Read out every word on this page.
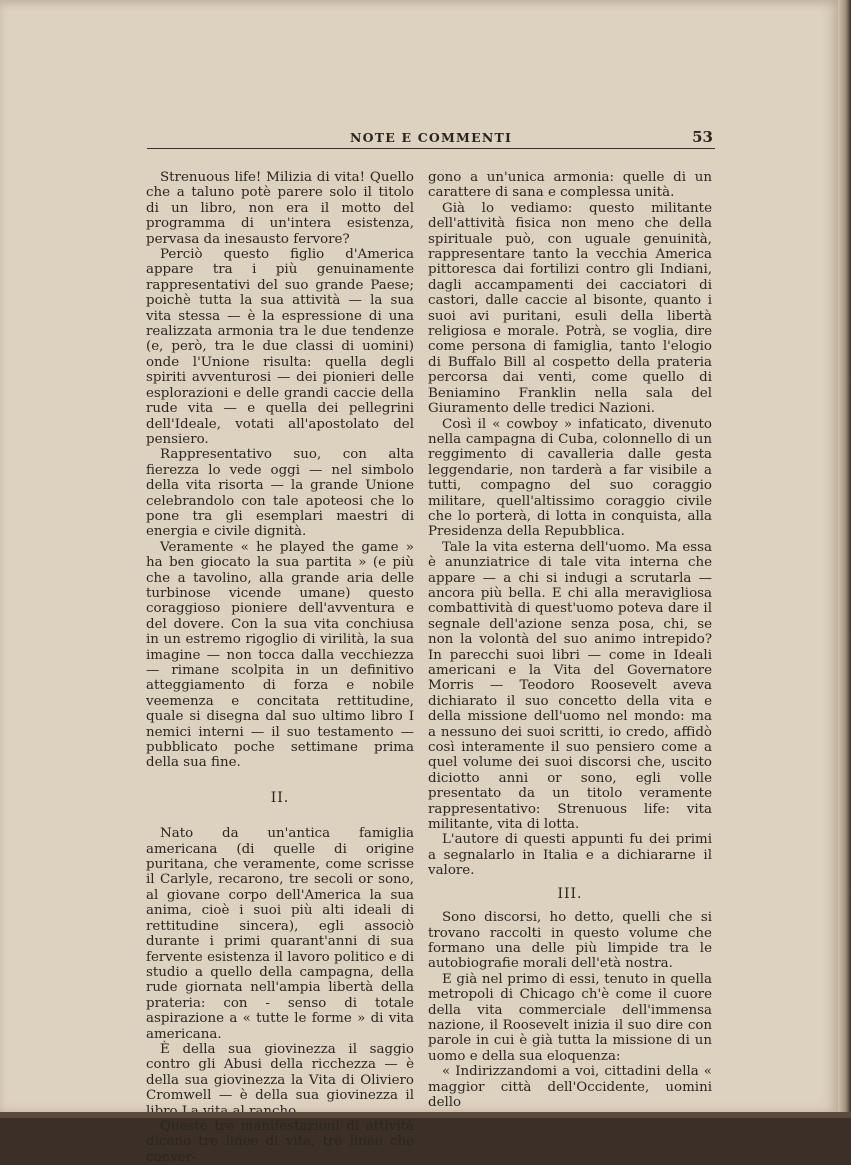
NOTE E COMMENTI	53

Strenuous life! Milizia di vita! Quello che a taluno potè parere solo il titolo di un libro, non era il motto del programma di un'intera esistenza, pervasa da inesausto fervore?

Perciò questo figlio d'America appare tra i più genuinamente rappresentativi del suo grande Paese; poichè tutta la sua attività — la sua vita stessa — è la espressione di una realizzata armonia tra le due tendenze (e, però, tra le due classi di uomini) onde l'Unione risulta: quella degli spiriti avventurosi — dei pionieri delle esplorazioni e delle grandi caccie della rude vita — e quella dei pellegrini dell'Ideale, votati all'apostolato del pensiero.

Rappresentativo suo, con alta fierezza lo vede oggi — nel simbolo della vita risorta — la grande Unione celebrandolo con tale apoteosi che lo pone tra gli esemplari maestri di energia e civile dignità.

Veramente « he played the game » ha ben giocato la sua partita » (e più che a tavolino, alla grande aria delle turbinose vicende umane) questo coraggioso pioniere dell'avventura e del dovere. Con la sua vita conchiusa in un estremo rigoglio di virilità, la sua imagine — non tocca dalla vecchiezza — rimane scolpita in un definitivo atteggiamento di forza e nobile veemenza e concitata rettitudine, quale si disegna dal suo ultimo libro I nemici interni — il suo testamento — pubblicato poche settimane prima della sua fine.

II.

Nato da un'antica famiglia americana (di quelle di origine puritana, che veramente, come scrisse il Carlyle, recarono, tre secoli or sono, al giovane corpo dell'America la sua anima, cioè i suoi più alti ideali di rettitudine sincera), egli associò durante i primi quarant'anni di sua fervente esistenza il lavoro politico e di studio a quello della campagna, della rude giornata nell'ampia libertà della prateria: con - senso di totale aspirazione a « tutte le forme » di vita americana.

È della sua giovinezza il saggio contro gli Abusi della ricchezza — è della sua giovinezza la Vita di Oliviero Cromwell — è della sua giovinezza il

Queste tre manifestazioni di attività dicono tre linee di vita, tre linee che conver-

gono a un'unica armonia: quelle di un carattere di sana e complessa unità.

Già lo vediamo: questo militante dell'attività fisica non meno che della spirituale può, con uguale genuinità, rappresentare tanto la vecchia America pittoresca dai fortilizi contro gli Indiani, dagli accampamenti dei cacciatori di castori, dalle caccie al bisonte, quanto i suoi avi puritani, esuli della libertà religiosa e morale. Potrà, se voglia, dire come persona di famiglia, tanto l'elogio di Buffalo Bill al cospetto della prateria percorsa dai venti, come quello di Beniamino Franklin nella sala del Giuramento delle tredici Nazioni.

Così il « cowboy » infaticato, divenuto nella campagna di Cuba, colonnello di un reggimento di cavalleria dalle gesta leggendarie, non tarderà a far visibile a tutti, compagno del suo coraggio militare, quell'altissimo coraggio civile che lo porterà, di lotta in conquista, alla Presidenza della Repubblica.

Tale la vita esterna dell'uomo. Ma essa è anunziatrice di tale vita interna che appare — a chi si indugi a scrutarla — ancora più bella. E chi alla meravigliosa combattività di quest'uomo poteva dare il segnale dell'azione senza posa, chi, se non la volontà del suo animo intrepido? In parecchi suoi libri — come in Ideali americani e la Vita del Governatore Morris — Teodoro Roosevelt aveva dichiarato il suo concetto della vita e della missione dell'uomo nel mondo: ma a nessuno dei suoi scritti, io credo, affidò così interamente il suo pensiero come a quel volume dei suoi discorsi che, uscito diciotto anni or sono, egli volle presentato da un titolo veramente rappresentativo: Strenuous life: vita militante, vita di lotta.

L'autore di questi appunti fu dei primi a segnalarlo in Italia e a dichiararne il valore.

III.

Sono discorsi, ho detto, quelli che si trovano raccolti in questo volume che formano una delle più limpide tra le autobiografie morali dell'età nostra.

E già nel primo di essi, tenuto in quella metropoli di Chicago ch'è come il cuore della vita commerciale dell'immensa nazione, il Roosevelt inizia il suo dire con parole in cui è già tutta la missione di un uomo e della sua eloquenza:

« Indirizzandomi a voi, cittadini della « maggior città dell'Occidente, uomini dello
